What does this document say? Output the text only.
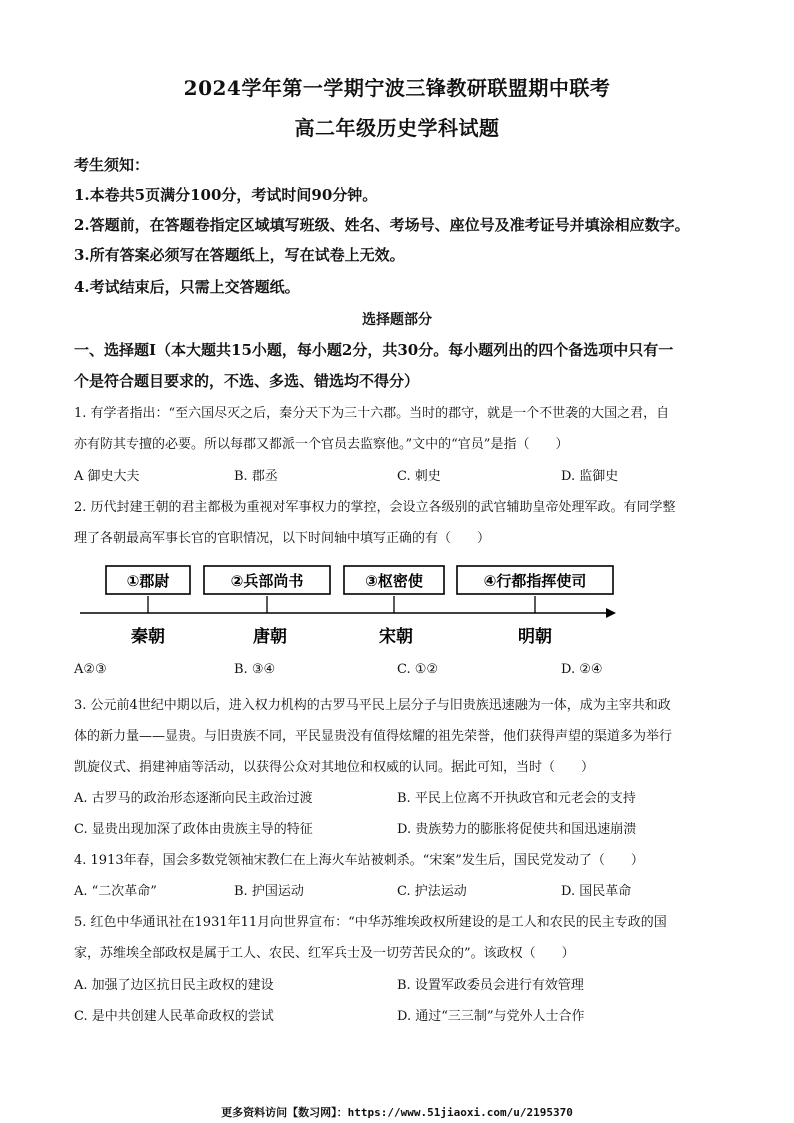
2024学年第一学期宁波三锋教研联盟期中联考
高二年级历史学科试题
考生须知：
1.本卷共5页满分100分，考试时间90分钟。
2.答题前，在答题卷指定区域填写班级、姓名、考场号、座位号及准考证号并填涂相应数字。
3.所有答案必须写在答题纸上，写在试卷上无效。
4.考试结束后，只需上交答题纸。
选择题部分
一、选择题Ⅰ（本大题共15小题，每小题2分，共30分。每小题列出的四个备选项中只有一
个是符合题目要求的，不选、多选、错选均不得分）
1. 有学者指出：“至六国尽灭之后，秦分天下为三十六郡。当时的郡守，就是一个不世袭的大国之君，自
亦有防其专擅的必要。所以每郡又都派一个官员去监察他。”文中的“官员”是指（　　）
A 御史大夫	B. 郡丞	C. 刺史	D. 监御史
2. 历代封建王朝的君主都极为重视对军事权力的掌控，会设立各级别的武官辅助皇帝处理军政。有同学整
理了各朝最高军事长官的官职情况，以下时间轴中填写正确的有（　　）
①郡尉	②兵部尚书	③枢密使	④行都指挥使司
秦朝	唐朝	宋朝	明朝
A②③	B. ③④	C. ①②	D. ②④
3. 公元前4世纪中期以后，进入权力机构的古罗马平民上层分子与旧贵族迅速融为一体，成为主宰共和政
体的新力量——显贵。与旧贵族不同，平民显贵没有值得炫耀的祖先荣誉，他们获得声望的渠道多为举行
凯旋仪式、捐建神庙等活动，以获得公众对其地位和权威的认同。据此可知，当时（　　）
A. 古罗马的政治形态逐渐向民主政治过渡	B. 平民上位离不开执政官和元老会的支持
C. 显贵出现加深了政体由贵族主导的特征	D. 贵族势力的膨胀将促使共和国迅速崩溃
4. 1913年春，国会多数党领袖宋教仁在上海火车站被刺杀。“宋案”发生后，国民党发动了（　　）
A. “二次革命”	B. 护国运动	C. 护法运动	D. 国民革命
5. 红色中华通讯社在1931年11月向世界宣布：“中华苏维埃政权所建设的是工人和农民的民主专政的国
家，苏维埃全部政权是属于工人、农民、红军兵士及一切劳苦民众的”。该政权（　　）
A. 加强了边区抗日民主政权的建设	B. 设置军政委员会进行有效管理
C. 是中共创建人民革命政权的尝试	D. 通过“三三制”与党外人士合作
更多资料访问【数习网】：https://www.51jiaoxi.com/u/2195370
